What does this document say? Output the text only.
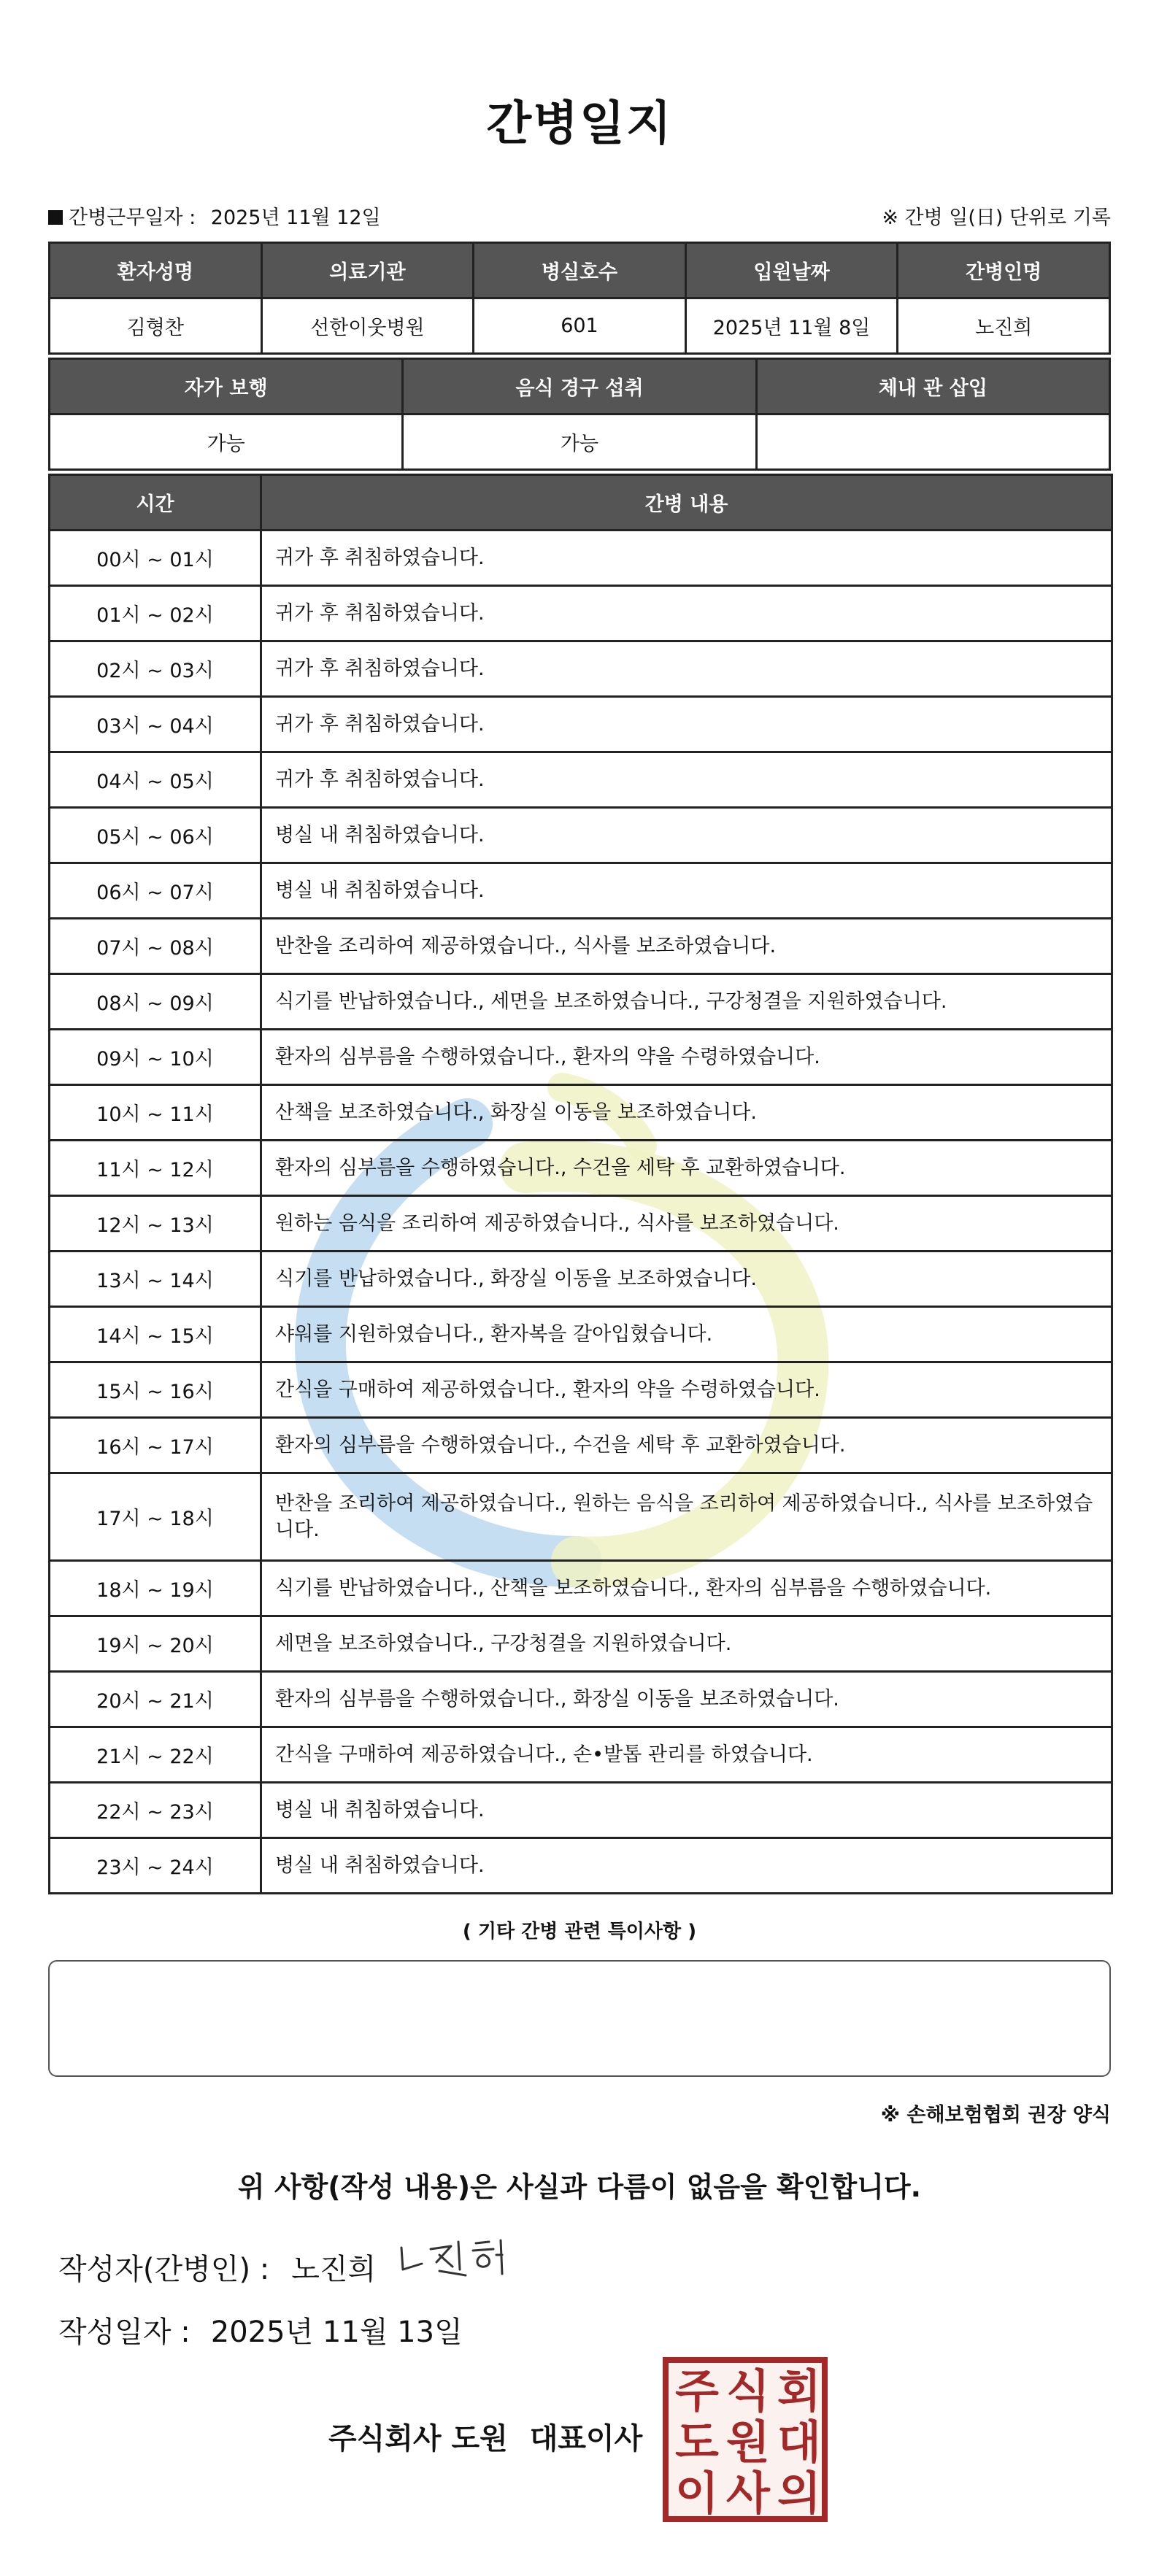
간병일지
간병근무일자 : 2025년 11월 12일	※ 간병 일(日) 단위로 기록
환자성명	의료기관	병실호수	입원날짜	간병인명
김형찬	선한이웃병원	601	2025년 11월 8일	노진희
자가 보행	음식 경구 섭취	체내 관 삽입
가능	가능	
시간	간병 내용
00시 ~ 01시	귀가 후 취침하였습니다.
01시 ~ 02시	귀가 후 취침하였습니다.
02시 ~ 03시	귀가 후 취침하였습니다.
03시 ~ 04시	귀가 후 취침하였습니다.
04시 ~ 05시	귀가 후 취침하였습니다.
05시 ~ 06시	병실 내 취침하였습니다.
06시 ~ 07시	병실 내 취침하였습니다.
07시 ~ 08시	반찬을 조리하여 제공하였습니다., 식사를 보조하였습니다.
08시 ~ 09시	식기를 반납하였습니다., 세면을 보조하였습니다., 구강청결을 지원하였습니다.
09시 ~ 10시	환자의 심부름을 수행하였습니다., 환자의 약을 수령하였습니다.
10시 ~ 11시	산책을 보조하였습니다., 화장실 이동을 보조하였습니다.
11시 ~ 12시	환자의 심부름을 수행하였습니다., 수건을 세탁 후 교환하였습니다.
12시 ~ 13시	원하는 음식을 조리하여 제공하였습니다., 식사를 보조하였습니다.
13시 ~ 14시	식기를 반납하였습니다., 화장실 이동을 보조하였습니다.
14시 ~ 15시	샤워를 지원하였습니다., 환자복을 갈아입혔습니다.
15시 ~ 16시	간식을 구매하여 제공하였습니다., 환자의 약을 수령하였습니다.
16시 ~ 17시	환자의 심부름을 수행하였습니다., 수건을 세탁 후 교환하였습니다.
17시 ~ 18시	반찬을 조리하여 제공하였습니다., 원하는 음식을 조리하여 제공하였습니다., 식사를 보조하였습니다.
18시 ~ 19시	식기를 반납하였습니다., 산책을 보조하였습니다., 환자의 심부름을 수행하였습니다.
19시 ~ 20시	세면을 보조하였습니다., 구강청결을 지원하였습니다.
20시 ~ 21시	환자의 심부름을 수행하였습니다., 화장실 이동을 보조하였습니다.
21시 ~ 22시	간식을 구매하여 제공하였습니다., 손•발톱 관리를 하였습니다.
22시 ~ 23시	병실 내 취침하였습니다.
23시 ~ 24시	병실 내 취침하였습니다.
( 기타 간병 관련 특이사항 )
※ 손해보험협회 권장 양식
위 사항(작성 내용)은 사실과 다름이 없음을 확인합니다.
작성자(간병인) : 노진희
작성일자 : 2025년 11월 13일
주식회사 도원 대표이사
주 식 회
도 원 대
이 사 의
